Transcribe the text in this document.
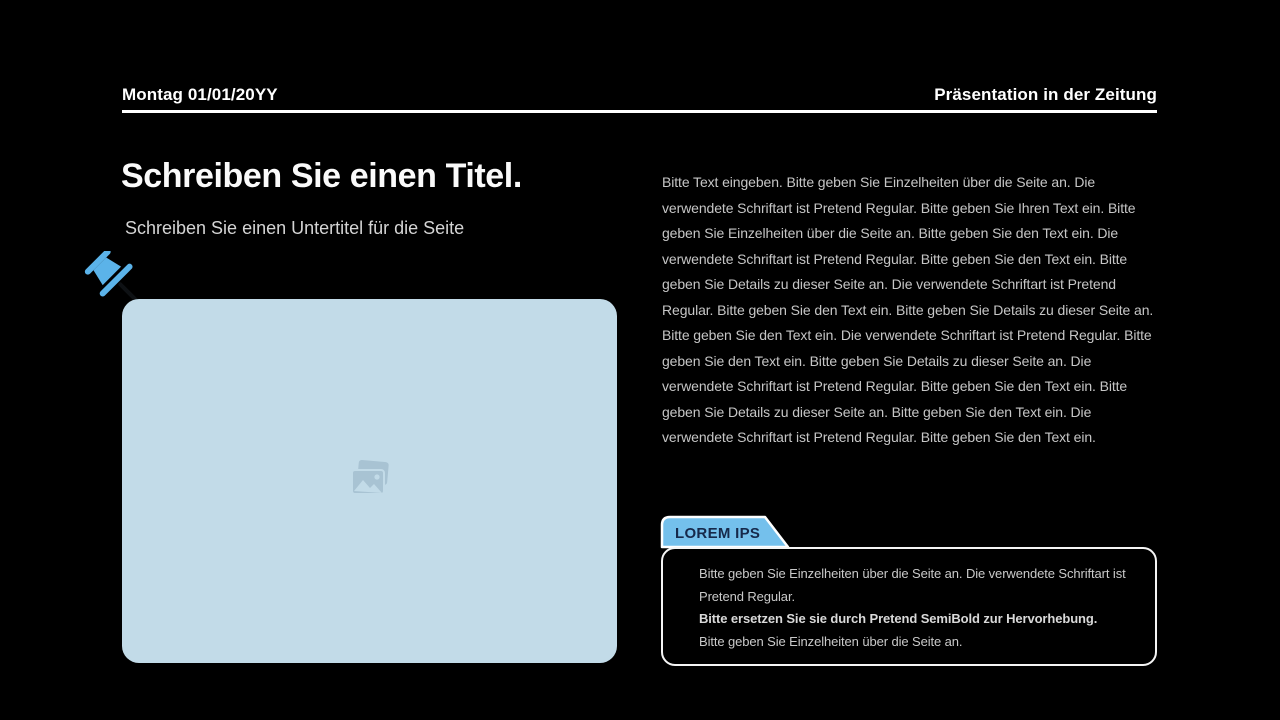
Montag 01/01/20YY	Präsentation in der Zeitung
Schreiben Sie einen Titel.
Schreiben Sie einen Untertitel für die Seite
Bitte Text eingeben. Bitte geben Sie Einzelheiten über die Seite an. Die verwendete Schriftart ist Pretend Regular. Bitte geben Sie Ihren Text ein. Bitte geben Sie Einzelheiten über die Seite an. Bitte geben Sie den Text ein. Die verwendete Schriftart ist Pretend Regular. Bitte geben Sie den Text ein. Bitte geben Sie Details zu dieser Seite an. Die verwendete Schriftart ist Pretend Regular. Bitte geben Sie den Text ein. Bitte geben Sie Details zu dieser Seite an. Bitte geben Sie den Text ein. Die verwendete Schriftart ist Pretend Regular. Bitte geben Sie den Text ein. Bitte geben Sie Details zu dieser Seite an. Die verwendete Schriftart ist Pretend Regular. Bitte geben Sie den Text ein. Bitte geben Sie Details zu dieser Seite an. Bitte geben Sie den Text ein. Die verwendete Schriftart ist Pretend Regular. Bitte geben Sie den Text ein.
LOREM IPS

Bitte geben Sie Einzelheiten über die Seite an. Die verwendete Schriftart ist Pretend Regular.

Bitte ersetzen Sie sie durch Pretend SemiBold zur Hervorhebung.

Bitte geben Sie Einzelheiten über die Seite an.
